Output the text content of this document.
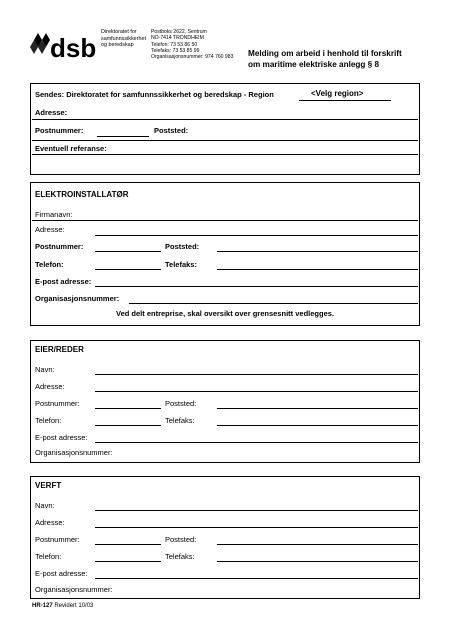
dsb
Direktoratet for
samfunnssikkerhet
og beredskap
Postboks 2622, Sentrum
NO-7414 TRONDHEIM
Telefon: 73 53 86 50
Telefaks: 73 53 85 99
Organisasjonsnummer: 974 760 983 Melding om arbeid i henhold til forskrift
om maritime elektriske anlegg § 8
Sendes: Direktoratet for samfunnssikkerhet og beredskap - Region	<Velg region>
Adresse:
Postnummer:	Poststed:
Eventuell referanse:
ELEKTROINSTALLATØR
Firmanavn:
Adresse:
Postnummer:	Poststed:
Telefon:	Telefaks:
E-post adresse:
Organisasjonsnummer:
Ved delt entreprise, skal oversikt over grensesnitt vedlegges.
EIER/REDER
Navn:
Adresse:
Postnummer:	Poststed:
Telefon:	Telefaks:
E-post adresse:
Organisasjonsnummer:
VERFT
Navn:
Adresse:
Postnummer:	Poststed:
Telefon:	Telefaks:
E-post adresse:
Organisasjonsnummer:
HR-127 Revidert 10/03
